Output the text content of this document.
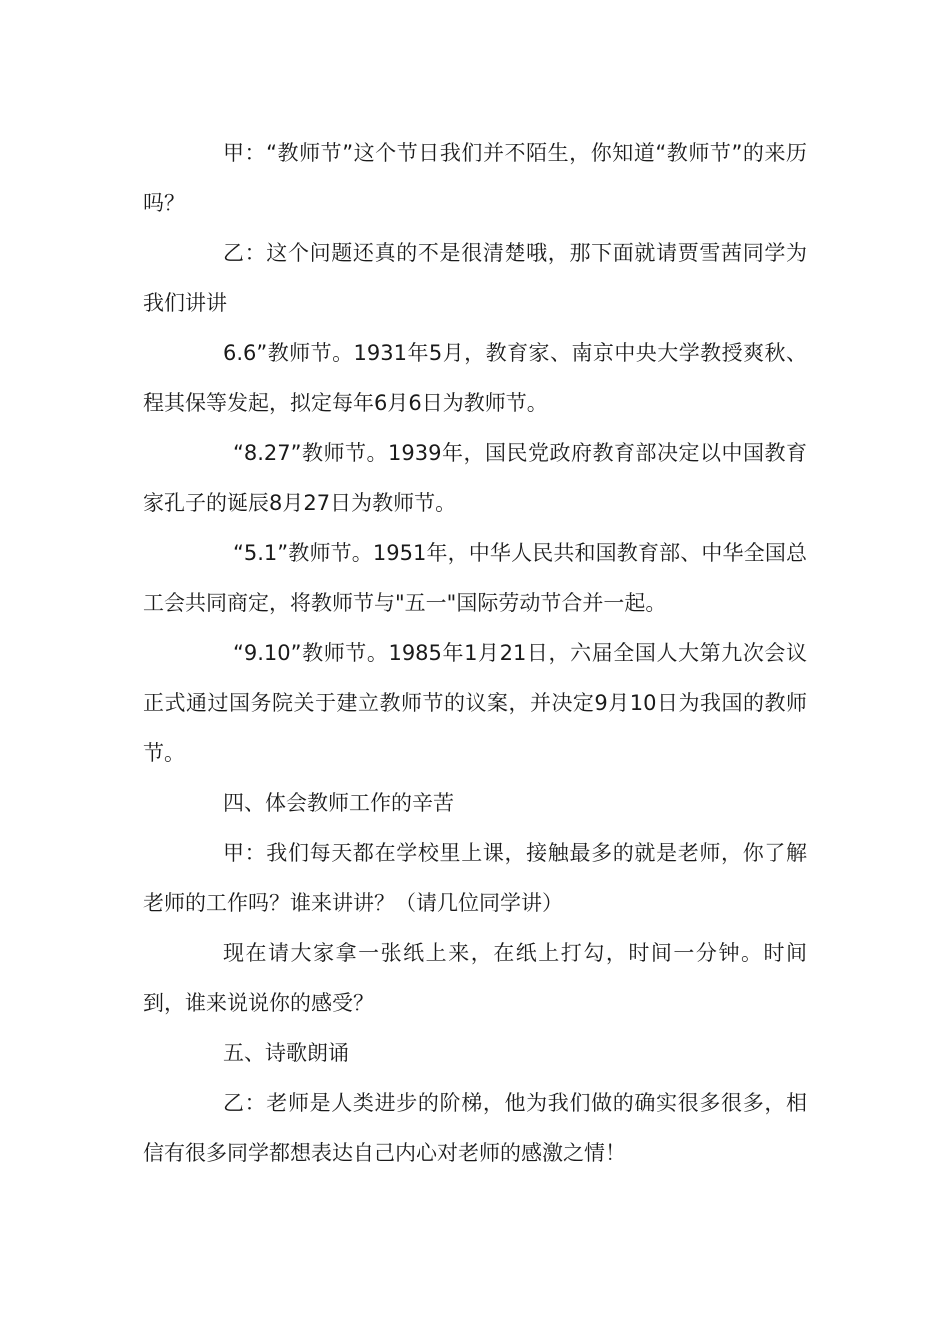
甲：“教师节”这个节日我们并不陌生，你知道“教师节”的来历吗？

乙：这个问题还真的不是很清楚哦，那下面就请贾雪茜同学为我们讲讲

6.6”教师节。1931年5月，教育家、南京中央大学教授爽秋、程其保等发起，拟定每年6月6日为教师节。

“8.27”教师节。1939年，国民党政府教育部决定以中国教育家孔子的诞辰8月27日为教师节。

“5.1”教师节。1951年，中华人民共和国教育部、中华全国总工会共同商定，将教师节与"五一"国际劳动节合并一起。

“9.10”教师节。1985年1月21日，六届全国人大第九次会议正式通过国务院关于建立教师节的议案，并决定9月10日为我国的教师节。

四、体会教师工作的辛苦

甲：我们每天都在学校里上课，接触最多的就是老师，你了解老师的工作吗？谁来讲讲？（请几位同学讲）

现在请大家拿一张纸上来，在纸上打勾，时间一分钟。时间到，谁来说说你的感受？

五、诗歌朗诵

乙：老师是人类进步的阶梯，他为我们做的确实很多很多，相信有很多同学都想表达自己内心对老师的感激之情！
